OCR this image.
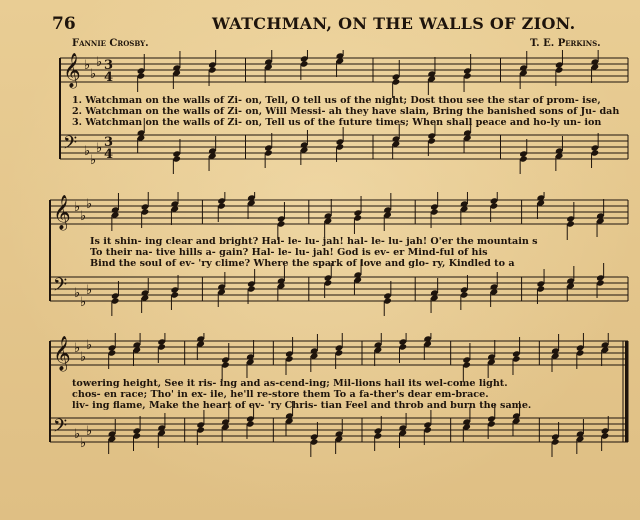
76	WATCHMAN, ON THE WALLS OF ZION.
Fannie Crosby.	T. E. Perkins.
𝄞 ♭
♭
♭ 3
4
𝄢 ♭
♭
♭ 3
4
1. Watchman on the walls of Zi- on, Tell, O tell us of the night; Dost thou see the star of prom- ise,
2. Watchman on the walls of Zi- on, Will Messi- ah they have slain, Bring the banished sons of Ju- dah
3. Watchman on the walls of Zi- on, Tell us of the future times; When shall peace and ho-ly un- ion
𝄞 ♭
♭
♭
𝄢 ♭
♭
♭
Is it shin- ing clear and bright? Hal- le- lu- jah! hal- le- lu- jah! O'er the mountain s
To their na- tive hills a- gain? Hal- le- lu- jah! God is ev- er Mind-ful of his
Bind the soul of ev- 'ry clime? Where the spark of love and glo- ry, Kindled to a
𝄞 ♭
♭
♭
𝄢 ♭
♭
♭
towering height, See it ris- ing and as-cend-ing; Mil-lions hail its wel-come light.
chos- en race; Tho' in ex- ile, he'll re-store them To a fa-ther's dear em-brace.
liv- ing flame, Make the heart of ev- 'ry Chris- tian Feel and throb and burn the same.
